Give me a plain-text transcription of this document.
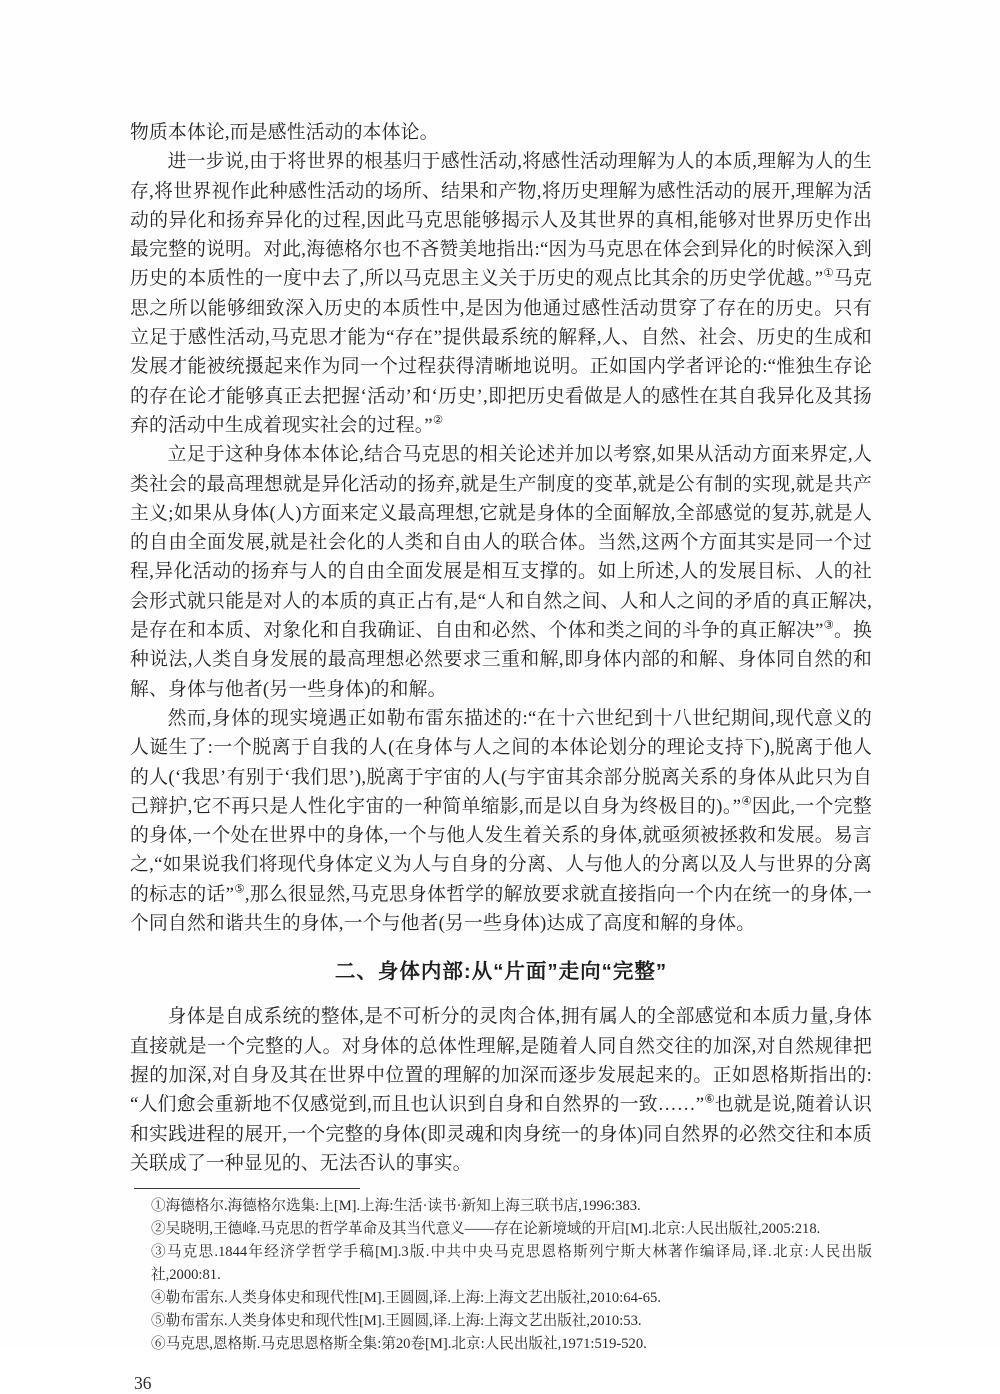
物质本体论,而是感性活动的本体论。

进一步说,由于将世界的根基归于感性活动,将感性活动理解为人的本质,理解为人的生存,将世界视作此种感性活动的场所、结果和产物,将历史理解为感性活动的展开,理解为活动的异化和扬弃异化的过程,因此马克思能够揭示人及其世界的真相,能够对世界历史作出最完整的说明。对此,海德格尔也不吝赞美地指出:“因为马克思在体会到异化的时候深入到历史的本质性的一度中去了,所以马克思主义关于历史的观点比其余的历史学优越。”①马克思之所以能够细致深入历史的本质性中,是因为他通过感性活动贯穿了存在的历史。只有立足于感性活动,马克思才能为“存在”提供最系统的解释,人、自然、社会、历史的生成和发展才能被统摄起来作为同一个过程获得清晰地说明。正如国内学者评论的:“惟独生存论的存在论才能够真正去把握‘活动’和‘历史’,即把历史看做是人的感性在其自我异化及其扬弃的活动中生成着现实社会的过程。”②

立足于这种身体本体论,结合马克思的相关论述并加以考察,如果从活动方面来界定,人类社会的最高理想就是异化活动的扬弃,就是生产制度的变革,就是公有制的实现,就是共产主义;如果从身体(人)方面来定义最高理想,它就是身体的全面解放,全部感觉的复苏,就是人的自由全面发展,就是社会化的人类和自由人的联合体。当然,这两个方面其实是同一个过程,异化活动的扬弃与人的自由全面发展是相互支撑的。如上所述,人的发展目标、人的社会形式就只能是对人的本质的真正占有,是“人和自然之间、人和人之间的矛盾的真正解决,是存在和本质、对象化和自我确证、自由和必然、个体和类之间的斗争的真正解决”③。换种说法,人类自身发展的最高理想必然要求三重和解,即身体内部的和解、身体同自然的和解、身体与他者(另一些身体)的和解。

然而,身体的现实境遇正如勒布雷东描述的:“在十六世纪到十八世纪期间,现代意义的人诞生了:一个脱离于自我的人(在身体与人之间的本体论划分的理论支持下),脱离于他人的人(‘我思’有别于‘我们思’),脱离于宇宙的人(与宇宙其余部分脱离关系的身体从此只为自己辩护,它不再只是人性化宇宙的一种简单缩影,而是以自身为终极目的)。”④因此,一个完整的身体,一个处在世界中的身体,一个与他人发生着关系的身体,就亟须被拯救和发展。易言之,“如果说我们将现代身体定义为人与自身的分离、人与他人的分离以及人与世界的分离的标志的话”⑤,那么很显然,马克思身体哲学的解放要求就直接指向一个内在统一的身体,一个同自然和谐共生的身体,一个与他者(另一些身体)达成了高度和解的身体。

二、身体内部:从“片面”走向“完整”

身体是自成系统的整体,是不可析分的灵肉合体,拥有属人的全部感觉和本质力量,身体直接就是一个完整的人。对身体的总体性理解,是随着人同自然交往的加深,对自然规律把握的加深,对自身及其在世界中位置的理解的加深而逐步发展起来的。正如恩格斯指出的:“人们愈会重新地不仅感觉到,而且也认识到自身和自然界的一致……”⑥也就是说,随着认识和实践进程的展开,一个完整的身体(即灵魂和肉身统一的身体)同自然界的必然交往和本质关联成了一种显见的、无法否认的事实。

①海德格尔.海德格尔选集:上[M].上海:生活·读书·新知上海三联书店,1996:383.
②吴晓明,王德峰.马克思的哲学革命及其当代意义——存在论新境域的开启[M].北京:人民出版社,2005:218.
③马克思.1844年经济学哲学手稿[M].3版.中共中央马克思恩格斯列宁斯大林著作编译局,译.北京:人民出版社,2000:81.
④勒布雷东.人类身体史和现代性[M].王圆圆,译.上海:上海文艺出版社,2010:64-65.
⑤勒布雷东.人类身体史和现代性[M].王圆圆,译.上海:上海文艺出版社,2010:53.
⑥马克思,恩格斯.马克思恩格斯全集:第20卷[M].北京:人民出版社,1971:519-520.
36
